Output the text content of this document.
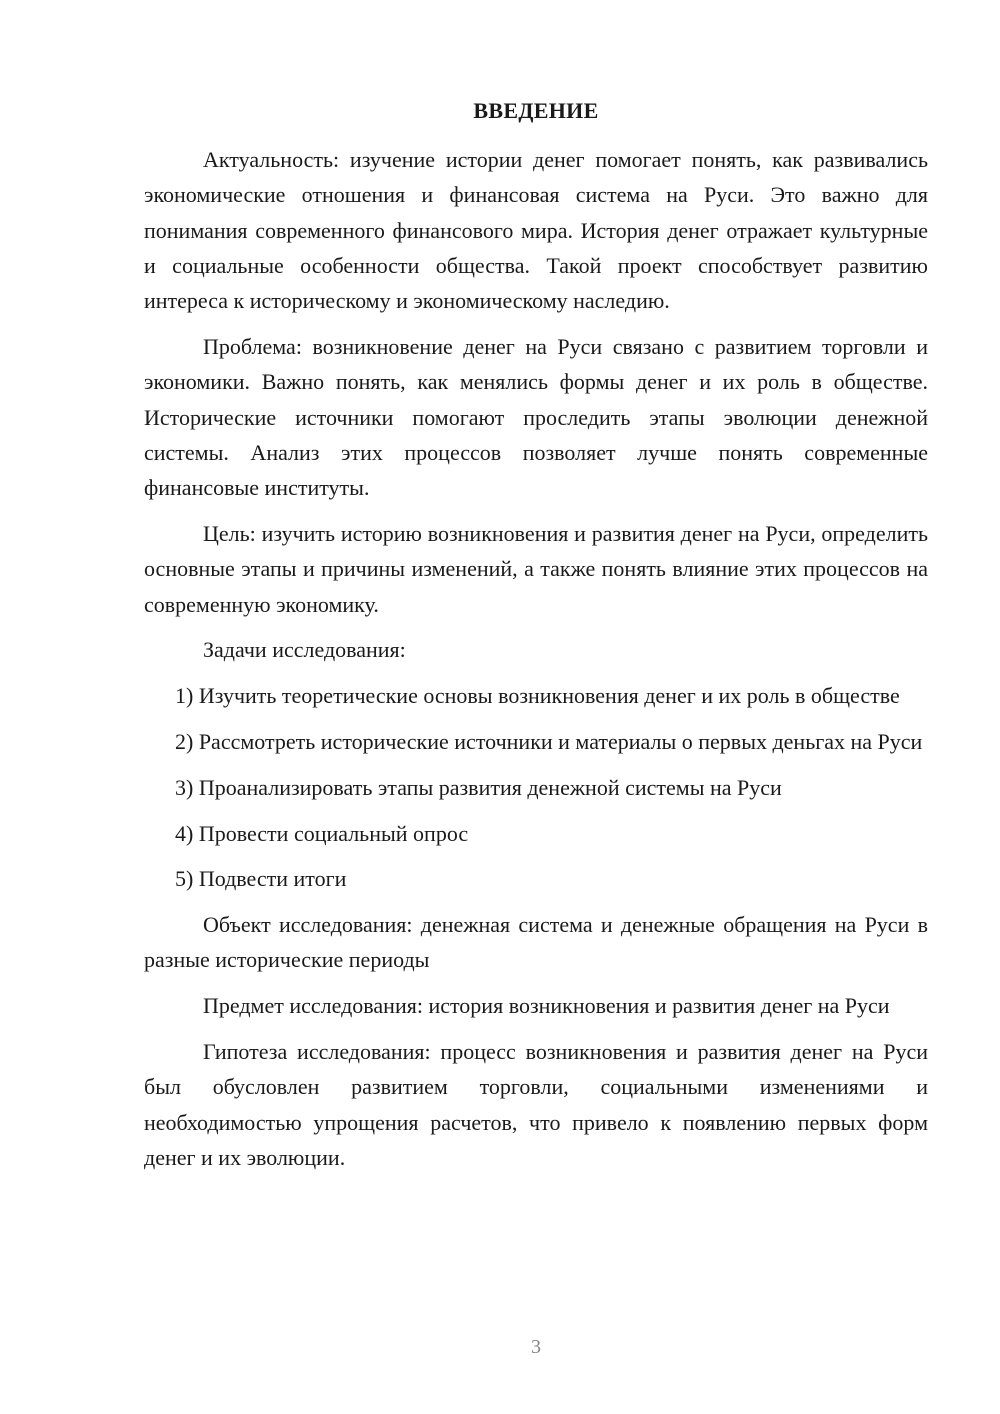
ВВЕДЕНИЕ

Актуальность: изучение истории денег помогает понять, как развивались экономические отношения и финансовая система на Руси. Это важно для понимания современного финансового мира. История денег отражает культурные и социальные особенности общества. Такой проект способствует развитию интереса к историческому и экономическому наследию.

Проблема: возникновение денег на Руси связано с развитием торговли и экономики. Важно понять, как менялись формы денег и их роль в обществе. Исторические источники помогают проследить этапы эволюции денежной системы. Анализ этих процессов позволяет лучше понять современные финансовые институты.

Цель: изучить историю возникновения и развития денег на Руси, определить основные этапы и причины изменений, а также понять влияние этих процессов на современную экономику.

Задачи исследования:

1) Изучить теоретические основы возникновения денег и их роль в обществе

2) Рассмотреть исторические источники и материалы о первых деньгах на Руси

3) Проанализировать этапы развития денежной системы на Руси

4) Провести социальный опрос

5) Подвести итоги

Объект исследования: денежная система и денежные обращения на Руси в разные исторические периоды

Предмет исследования: история возникновения и развития денег на Руси

Гипотеза исследования: процесс возникновения и развития денег на Руси был обусловлен развитием торговли, социальными изменениями и необходимостью упрощения расчетов, что привело к появлению первых форм денег и их эволюции.

3
